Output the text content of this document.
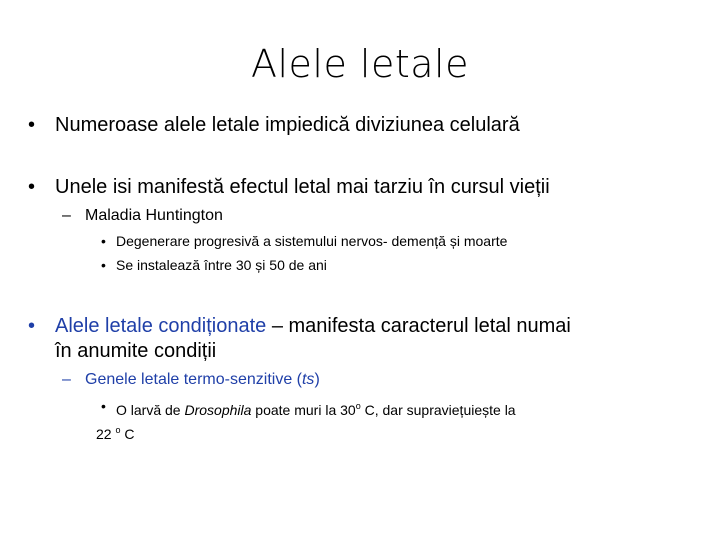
Alele letale
• Numeroase alele letale impiedică diviziunea celulară
• Unele isi manifestă efectul letal mai tarziu în cursul vieții
– Maladia Huntington
• Degenerare progresivă a sistemului nervos- demență și moarte
• Se instalează între 30 și 50 de ani
• Alele letale condiționate – manifesta caracterul letal numai
în anumite condiții
– Genele letale termo-senzitive (ts)
• O larvă de Drosophila poate muri la 30$^o$ C, dar supraviețuiește la
22 $^o$ C
